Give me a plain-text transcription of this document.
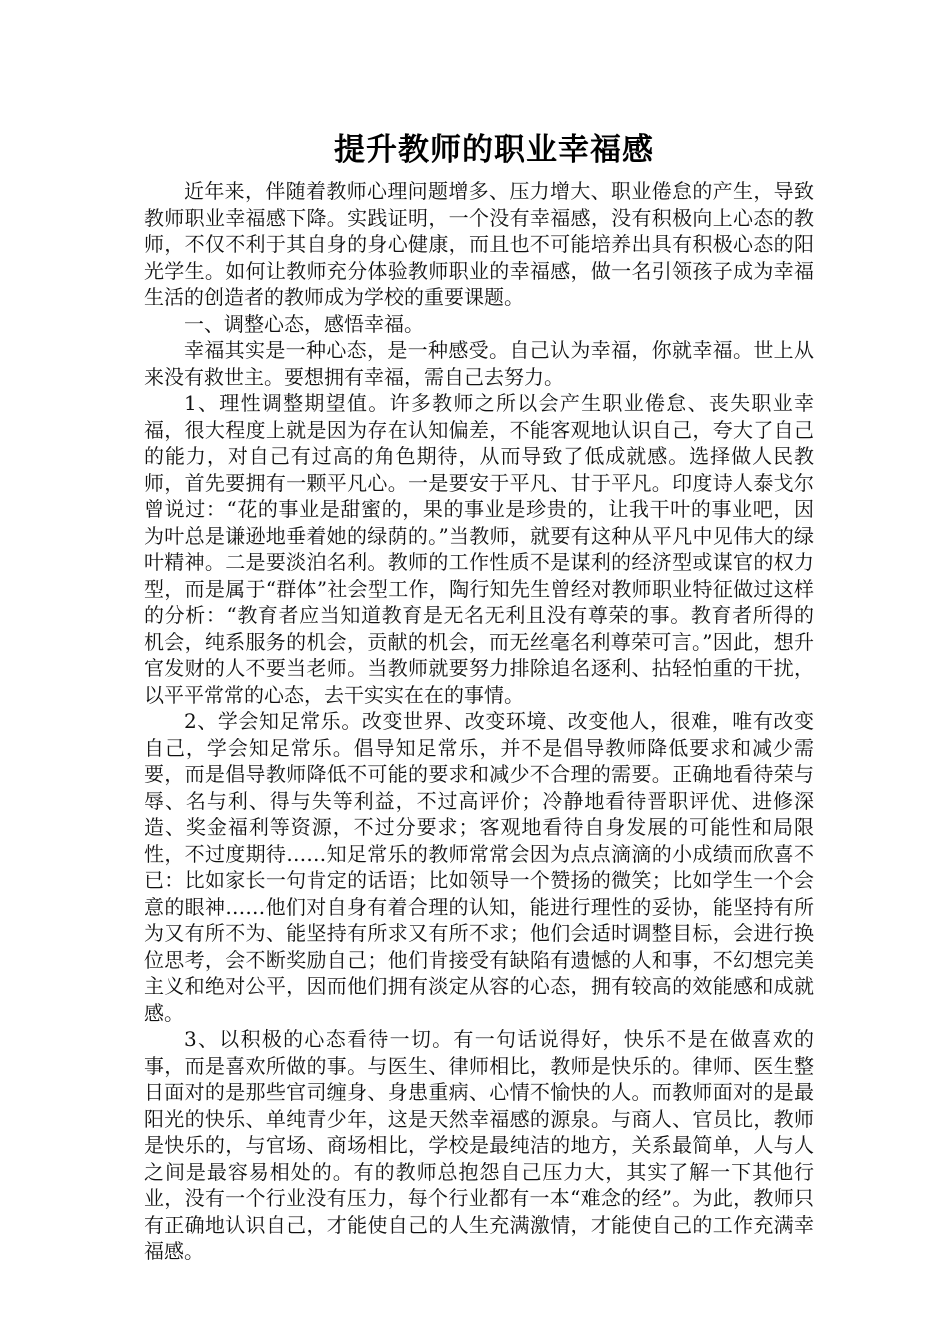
提升教师的职业幸福感

近年来，伴随着教师心理问题增多、压力增大、职业倦怠的产生，导致教师职业幸福感下降。实践证明，一个没有幸福感，没有积极向上心态的教师，不仅不利于其自身的身心健康，而且也不可能培养出具有积极心态的阳光学生。如何让教师充分体验教师职业的幸福感，做一名引领孩子成为幸福生活的创造者的教师成为学校的重要课题。

一、调整心态，感悟幸福。

幸福其实是一种心态，是一种感受。自己认为幸福，你就幸福。世上从来没有救世主。要想拥有幸福，需自己去努力。

1、理性调整期望值。许多教师之所以会产生职业倦怠、丧失职业幸福，很大程度上就是因为存在认知偏差，不能客观地认识自己，夸大了自己的能力，对自己有过高的角色期待，从而导致了低成就感。选择做人民教师，首先要拥有一颗平凡心。一是要安于平凡、甘于平凡。印度诗人泰戈尔曾说过：“花的事业是甜蜜的，果的事业是珍贵的，让我干叶的事业吧，因为叶总是谦逊地垂着她的绿荫的。”当教师，就要有这种从平凡中见伟大的绿叶精神。二是要淡泊名利。教师的工作性质不是谋利的经济型或谋官的权力型，而是属于“群体”社会型工作，陶行知先生曾经对教师职业特征做过这样的分析：“教育者应当知道教育是无名无利且没有尊荣的事。教育者所得的机会，纯系服务的机会，贡献的机会，而无丝毫名利尊荣可言。”因此，想升官发财的人不要当老师。当教师就要努力排除追名逐利、拈轻怕重的干扰，以平平常常的心态，去干实实在在的事情。

2、学会知足常乐。改变世界、改变环境、改变他人，很难，唯有改变自己，学会知足常乐。倡导知足常乐，并不是倡导教师降低要求和减少需要，而是倡导教师降低不可能的要求和减少不合理的需要。正确地看待荣与辱、名与利、得与失等利益，不过高评价；冷静地看待晋职评优、进修深造、奖金福利等资源，不过分要求；客观地看待自身发展的可能性和局限性，不过度期待……知足常乐的教师常常会因为点点滴滴的小成绩而欣喜不已：比如家长一句肯定的话语；比如领导一个赞扬的微笑；比如学生一个会意的眼神……他们对自身有着合理的认知，能进行理性的妥协，能坚持有所为又有所不为、能坚持有所求又有所不求；他们会适时调整目标，会进行换位思考，会不断奖励自己；他们肯接受有缺陷有遗憾的人和事，不幻想完美主义和绝对公平，因而他们拥有淡定从容的心态，拥有较高的效能感和成就感。

3、以积极的心态看待一切。有一句话说得好，快乐不是在做喜欢的事，而是喜欢所做的事。与医生、律师相比，教师是快乐的。律师、医生整日面对的是那些官司缠身、身患重病、心情不愉快的人。而教师面对的是最阳光的快乐、单纯青少年，这是天然幸福感的源泉。与商人、官员比，教师是快乐的，与官场、商场相比，学校是最纯洁的地方，关系最简单，人与人之间是最容易相处的。有的教师总抱怨自己压力大，其实了解一下其他行业，没有一个行业没有压力，每个行业都有一本“难念的经”。为此，教师只有正确地认识自己，才能使自己的人生充满激情，才能使自己的工作充满幸福感。
